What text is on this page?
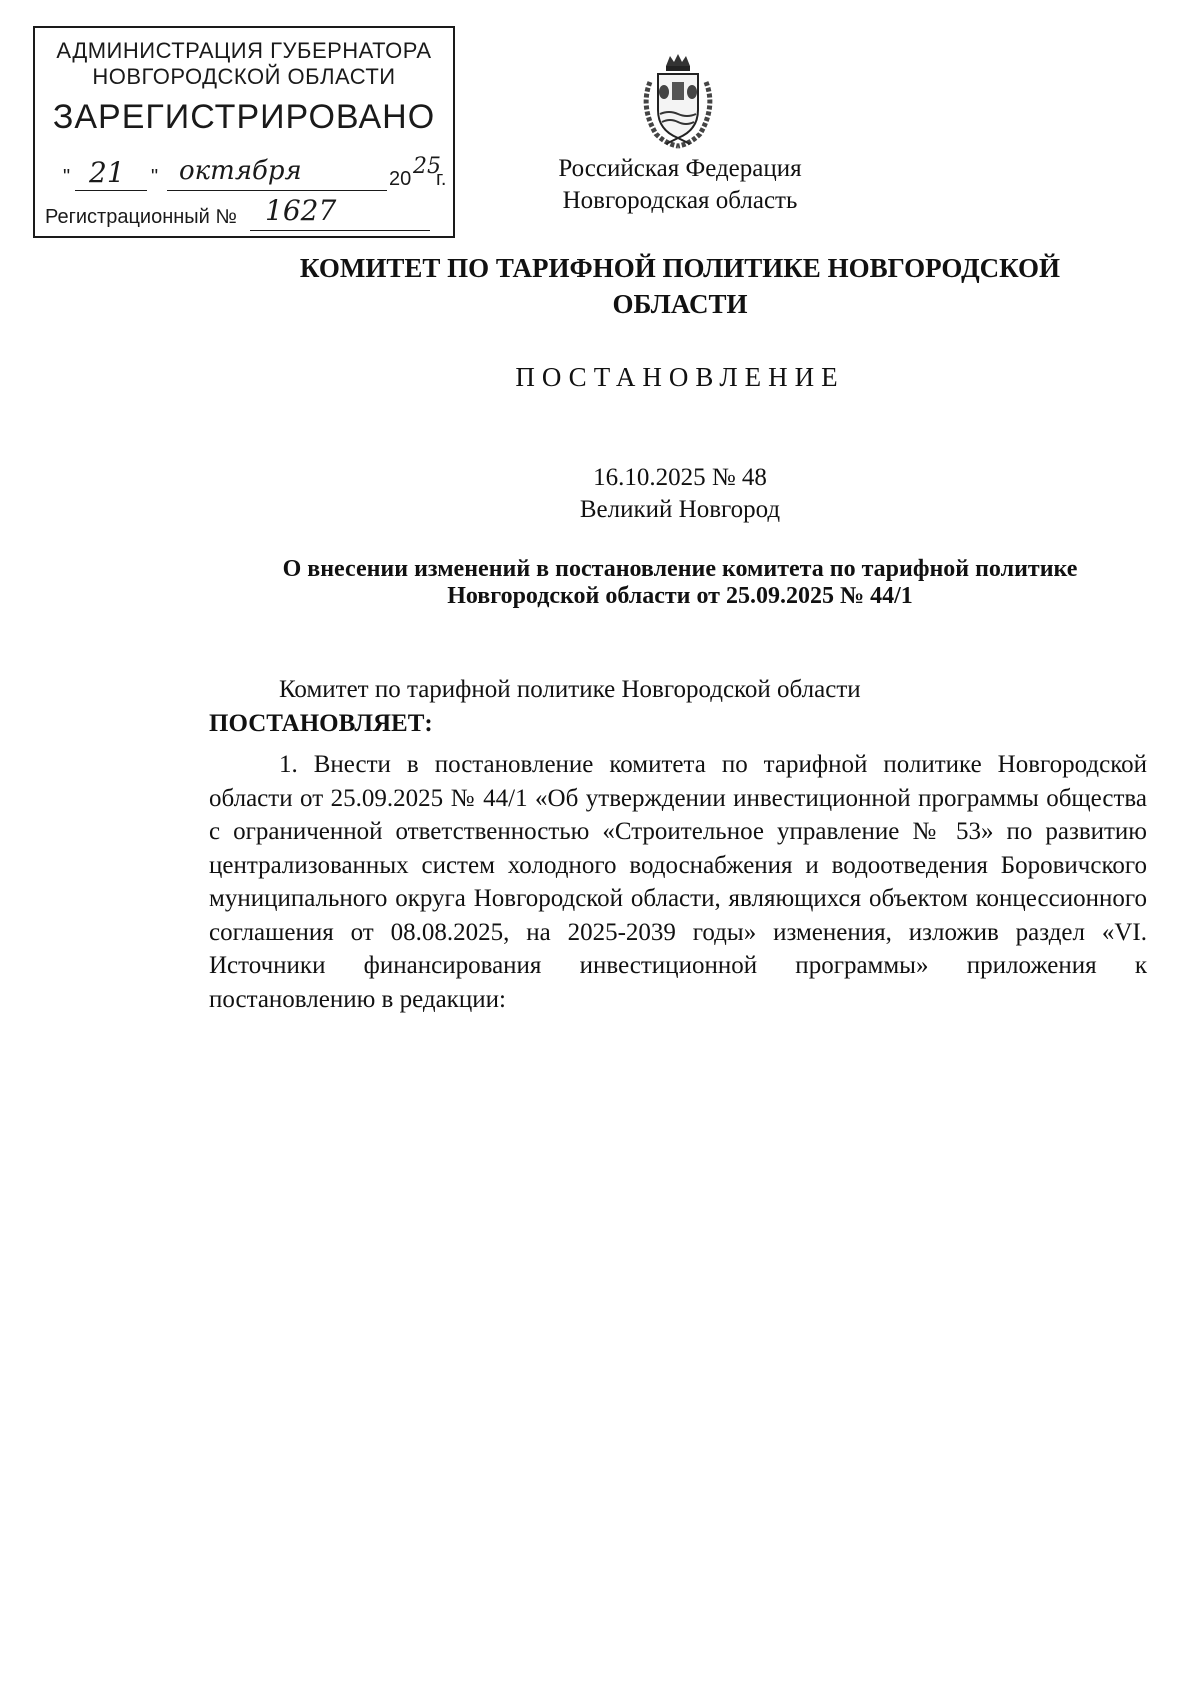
АДМИНИСТРАЦИЯ ГУБЕРНАТОРА
НОВГОРОДСКОЙ ОБЛАСТИ
ЗАРЕГИСТРИРОВАНО
" 21 " октября	20 25
г.
Регистрационный № 1627
Российская Федерация
Новгородская область
КОМИТЕТ ПО ТАРИФНОЙ ПОЛИТИКЕ НОВГОРОДСКОЙ ОБЛАСТИ
ПОСТАНОВЛЕНИЕ
16.10.2025 № 48
Великий Новгород
О внесении изменений в постановление комитета по тарифной политике Новгородской области от 25.09.2025 № 44/1
Комитет по тарифной политике Новгородской области
ПОСТАНОВЛЯЕТ:
1. Внести в постановление комитета по тарифной политике Новгородской области от 25.09.2025 № 44/1 «Об утверждении инвестиционной программы общества с ограниченной ответственностью «Строительное управление № 53» по развитию централизованных систем холодного водоснабжения и водоотведения Боровичского муниципального округа Новгородской области, являющихся объектом концессионного соглашения от 08.08.2025, на 2025-2039 годы» изменения, изложив раздел «VI. Источники финансирования инвестиционной программы» приложения к постановлению в редакции:
